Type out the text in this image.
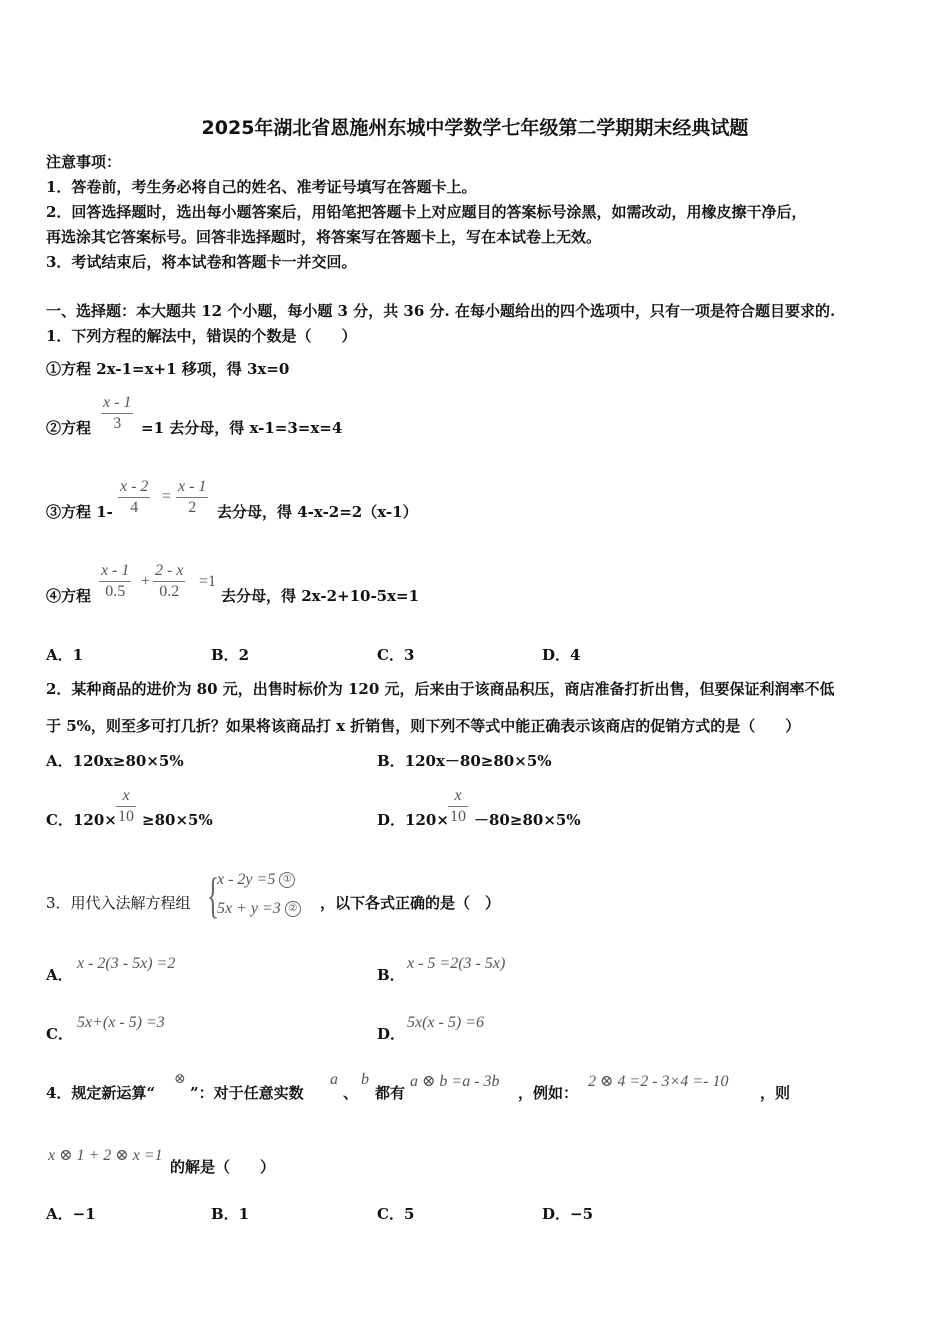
2025年湖北省恩施州东城中学数学七年级第二学期期末经典试题
注意事项：
1．答卷前，考生务必将自己的姓名、准考证号填写在答题卡上。
2．回答选择题时，选出每小题答案后，用铅笔把答题卡上对应题目的答案标号涂黑，如需改动，用橡皮擦干净后，
再选涂其它答案标号。回答非选择题时，将答案写在答题卡上，写在本试卷上无效。
3．考试结束后，将本试卷和答题卡一并交回。
一、选择题：本大题共 12 个小题，每小题 3 分，共 36 分. 在每小题给出的四个选项中，只有一项是符合题目要求的.
1．下列方程的解法中，错误的个数是（　　）
①方程 2x-1=x+1 移项，得 3x=0
②方程 $\frac{x - 1}{3} =1$ 去分母，得 x-1=3=x=4
③方程 $1- \frac{x - 2}{4} = \frac{x - 1}{2}$ 去分母，得 4-x-2=2（x-1）
④方程 $\frac{x - 1}{0.5} + \frac{2 - x}{0.2} =1$
去分母，得 2x-2+10-5x=1
A．1	B．2	C．3	D．4
2．某种商品的进价为 80 元，出售时标价为 120 元，后来由于该商品积压，商店准备打折出售，但要保证利润率不低
于 5%，则至多可打几折？如果将该商品打 x 折销售，则下列不等式中能正确表示该商店的促销方式的是（　　）
A．120x≥80×5%	B．120x－80≥80×5%
C．$120\times \frac{x}{10} \ge 80\times 5\%$	D．$120\times \frac{x}{10} -80\ge 80\times 5\%$
3．用代入法解方程组 {
x - 2y =5 ①
5x + y =3 ② ，以下各式正确的是（　）
A．
x - 2(3 - 5x) =2
B．
x - 5 =2(3 - 5x)
C．
5x+(x - 5) =3
D．
5x(x - 5) =6
4．规定新运算“
⊗
”：对于任意实数
a
、
b
都有
a ⊗ b =a - 3b
，例如：
2 ⊗ 4 =2 - 3×4 =- 10
，则
x ⊗ 1 + 2 ⊗ x =1
的解是（　　）
A．−1	B．1	C．5	D．−5
